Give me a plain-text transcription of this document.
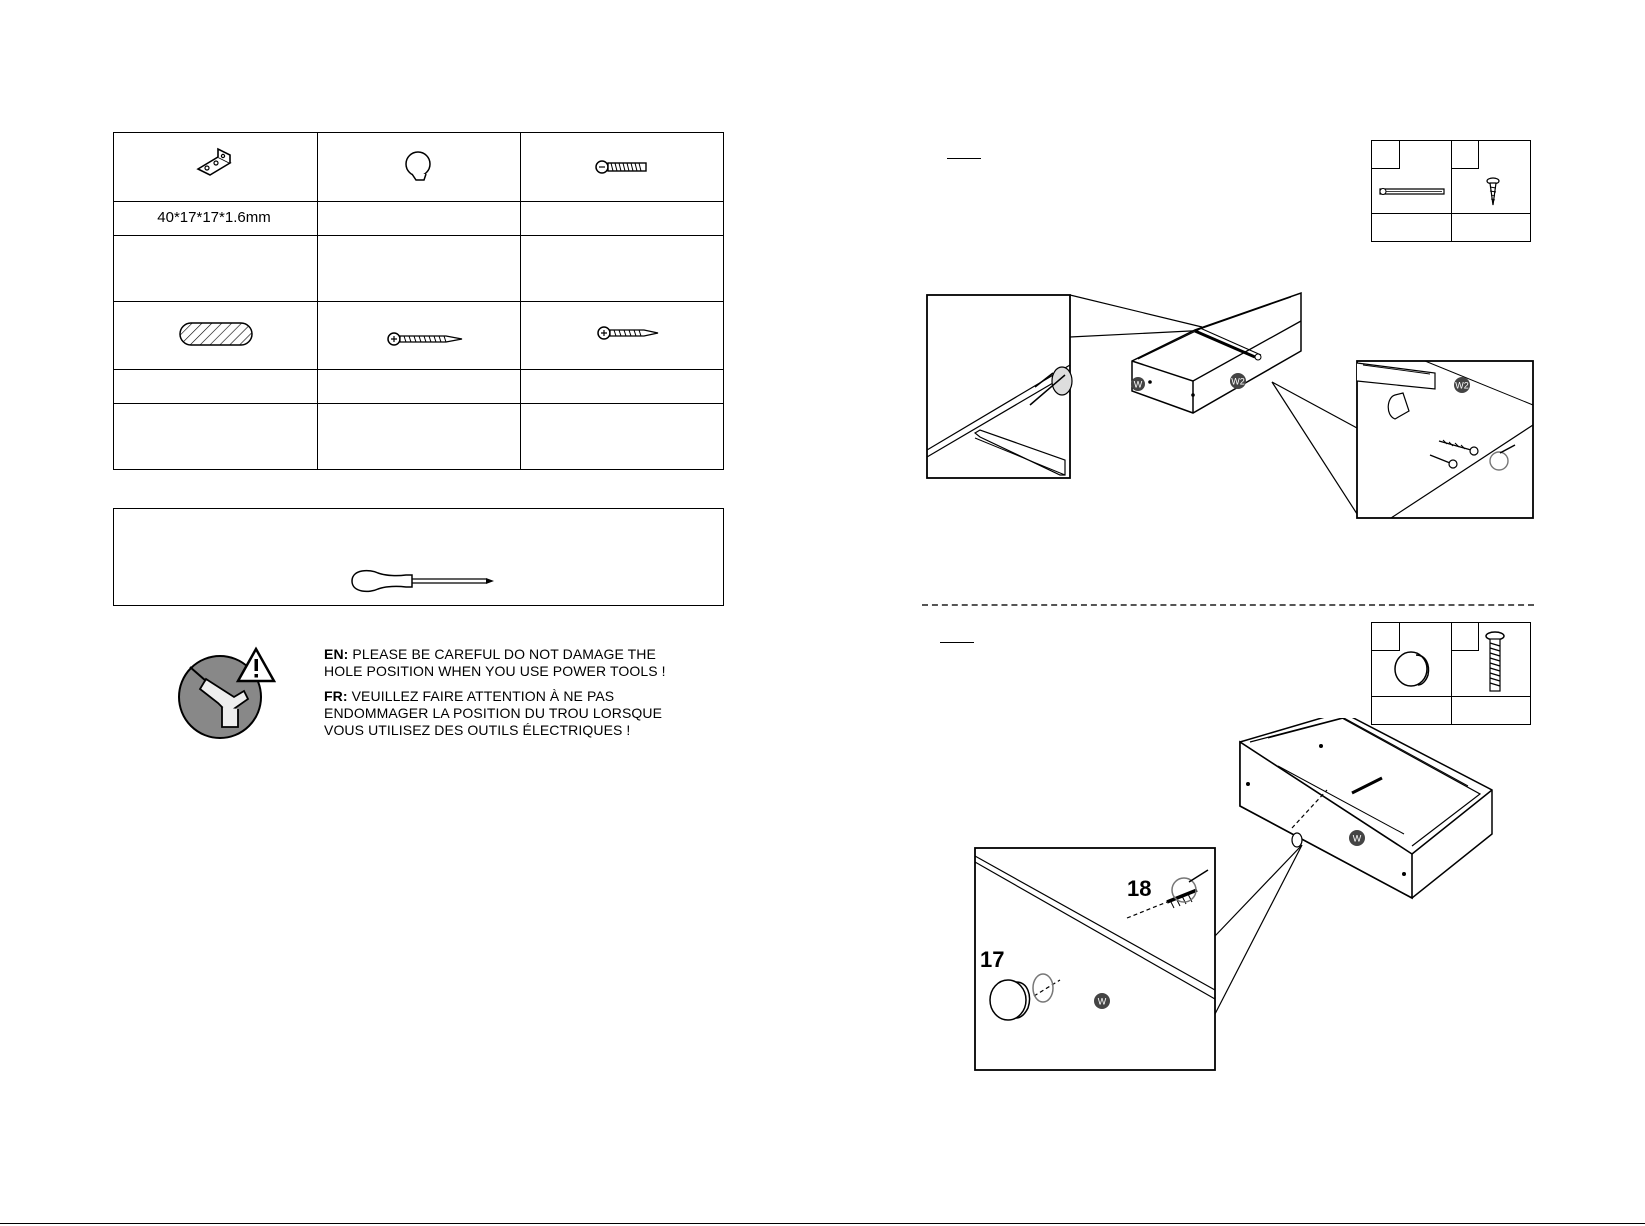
40*17*17*1.6mm
EN: PLEASE BE CAREFUL DO NOT DAMAGE THE
HOLE POSITION WHEN YOU USE POWER TOOLS !
FR: VEUILLEZ FAIRE ATTENTION À NE PAS
ENDOMMAGER LA POSITION DU TROU LORSQUE
VOUS UTILISEZ DES OUTILS ÉLECTRIQUES !
W	W2	W2
W
18
17
W
